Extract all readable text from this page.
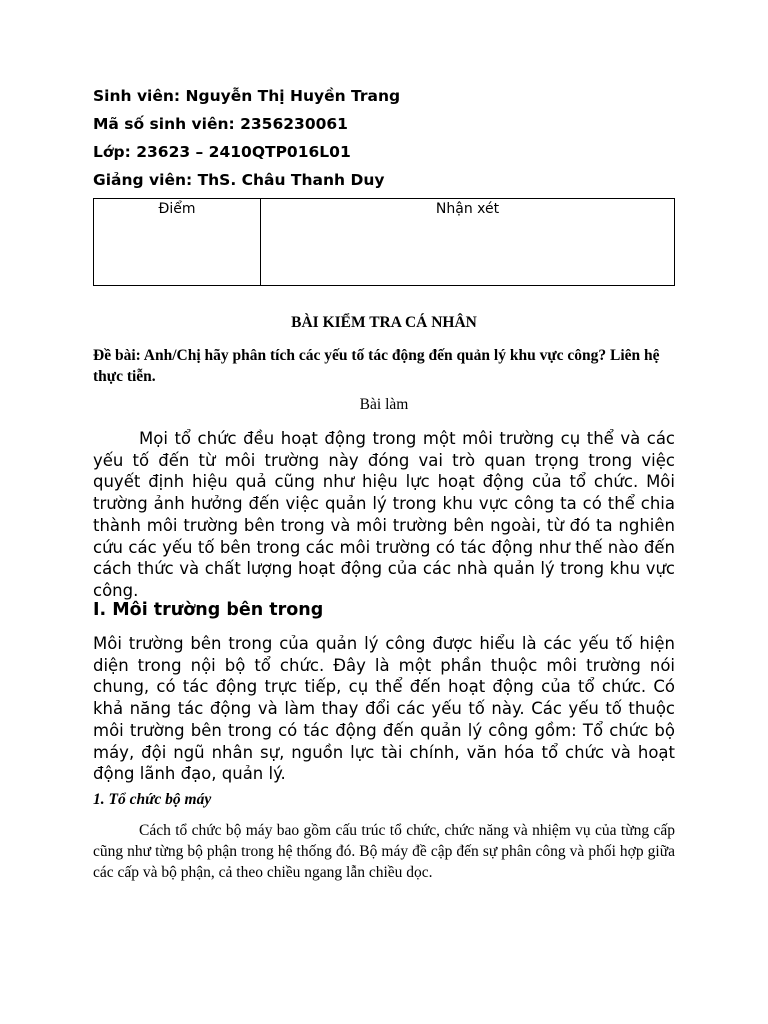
Sinh viên: Nguyễn Thị Huyền Trang
Mã số sinh viên: 2356230061
Lớp: 23623 – 2410QTP016L01
Giảng viên: ThS. Châu Thanh Duy
Điểm	Nhận xét
BÀI KIỂM TRA CÁ NHÂN
Đề bài: Anh/Chị hãy phân tích các yếu tố tác động đến quản lý khu vực công? Liên hệ thực tiễn.
Bài làm

Mọi tổ chức đều hoạt động trong một môi trường cụ thể và các yếu tố đến từ môi trường này đóng vai trò quan trọng trong việc quyết định hiệu quả cũng như hiệu lực hoạt động của tổ chức. Môi trường ảnh hưởng đến việc quản lý trong khu vực công ta có thể chia thành môi trường bên trong và môi trường bên ngoài, từ đó ta nghiên cứu các yếu tố bên trong các môi trường có tác động như thế nào đến cách thức và chất lượng hoạt động của các nhà quản lý trong khu vực công.

I. Môi trường bên trong

Môi trường bên trong của quản lý công được hiểu là các yếu tố hiện diện trong nội bộ tổ chức. Đây là một phần thuộc môi trường nói chung, có tác động trực tiếp, cụ thể đến hoạt động của tổ chức. Có khả năng tác động và làm thay đổi các yếu tố này. Các yếu tố thuộc môi trường bên trong có tác động đến quản lý công gồm: Tổ chức bộ máy, đội ngũ nhân sự, nguồn lực tài chính, văn hóa tổ chức và hoạt động lãnh đạo, quản lý.

1. Tổ chức bộ máy

Cách tổ chức bộ máy bao gồm cấu trúc tổ chức, chức năng và nhiệm vụ của từng cấp cũng như từng bộ phận trong hệ thống đó. Bộ máy đề cập đến sự phân công và phối hợp giữa các cấp và bộ phận, cả theo chiều ngang lẫn chiều dọc.
